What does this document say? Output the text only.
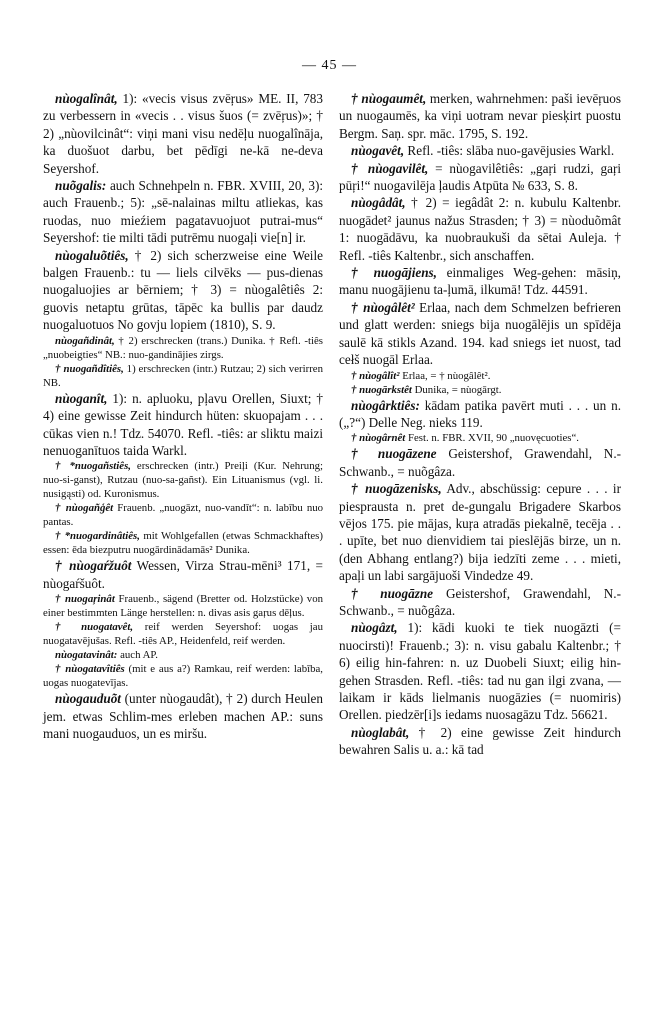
— 45 —

nùogalînât, 1): «vecis visus zvēŗus» ME. II, 783 zu verbessern in «vecis . . visus šuos (= zvēŗus)»; † 2) „nùovilcinât“: viņi mani visu nedēļu nuogalînāja, ka duošuot darbu, bet pēdīgi ne-kā ne-deva Seyershof.

nuõgalis: auch Schnehpeln n. FBR. XVIII, 20, 3): auch Frauenb.; 5): „sē-nalainas miltu atliekas, kas ruodas, nuo mieźiem pagatavuojuot putrai-mus“ Seyershof: tie milti tādi putrēmu nuogaļi vie[n] ir.

nùogaluõtiês, † 2) sich scherzweise eine Weile balgen Frauenb.: tu — liels cilvēks — pus-dienas nuogaluojies ar bērniem; † 3) = nùogalêtiês 2: guovis netaptu grūtas, tāpēc ka bullis par daudz nuogaluotuos No govju lopiem (1810), S. 9.

nùogañdinât, † 2) erschrecken (trans.) Dunika. † Refl. -tiês „nuobeigties“ NB.: nuo-gandinājies zirgs.

† nuogañdîtiês, 1) erschrecken (intr.) Rutzau; 2) sich verirren NB.

nùoganît, 1): n. apluoku, pļavu Orellen, Siuxt; † 4) eine gewisse Zeit hindurch hüten: skuopajam . . . cūkas vien n.! Tdz. 54070. Refl. -tiês: ar sliktu maizi nenuoganītuos taida Warkl.

† *nuogañstiês, erschrecken (intr.) Preiļi (Kur. Nehrung; nuo-si-ganst), Rutzau (nuo-sa-gañst). Ein Lituanismus (vgl. li. nusigąsti) od. Kuronismus.

† nùogañģêt Frauenb. „nuogāzt, nuo-vandīt“: n. labību nuo pantas.

† *nuogardinâtiês, mit Wohlgefallen (etwas Schmackhaftes) essen: ēda biezputru nuogārdinādamās² Dunika.

† nùogaŕžuôt Wessen, Virza Strau-mēni³ 171, = nùogaŕšuôt.

† nuogaŗinât Frauenb., sägend (Bretter od. Holzstücke) von einer bestimmten Länge herstellen: n. divas asis gaŗus dēļus.

† nuogatavêt, reif werden Seyershof: uogas jau nuogatavējušas. Refl. -tiês AP., Heidenfeld, reif werden.

nùogatavinât: auch AP.

† nùogatavîtiês (mit e aus a?) Ramkau, reif werden: labība, uogas nuogatevījas.

nùogauduõt (unter nùogaudât), † 2) durch Heulen jem. etwas Schlim-mes erleben machen AP.: suns mani nuogauduos, un es miršu.

† nùogaumêt, merken, wahrnehmen: paši ievēŗuos un nuogaumēs, ka viņi uotram nevar piesķirt puostu Bergm. Saņ. spr. māc. 1795, S. 192.

nùogavêt, Refl. -tiês: slāba nuo-gavējusies Warkl.

† nùogavilêt, = nùogavilêtiês: „gaŗi rudzi, gaŗi pūŗi!“ nuogavilēja ļaudis Atpūta № 633, S. 8.

nùogâdât, † 2) = iegâdât 2: n. kubulu Kaltenbr. nuogādet² jaunus nažus Strasden; † 3) = nùoduõmât 1: nuogādāvu, ka nuobraukuši da sētai Auleja. † Refl. -tiês Kaltenbr., sich anschaffen.

† nuogājiens, einmaliges Weg-gehen: māsiņ, manu nuogājienu ta-ļumā, ilkumā! Tdz. 44591.

† nùogâlêt² Erlaa, nach dem Schmelzen befrieren und glatt werden: sniegs bija nuogālējis un spīdēja saulē kā stikls Azand. 194. kad sniegs iet nuost, tad cełš nuogāl Erlaa.

† nùogâlît² Erlaa, = † nùogâlêt².

† nuogārkstêt Dunika, = nùogārgt.

nùogârktiês: kādam patika pavērt muti . . . un n. („?“) Delle Neg. nieks 119.

† nùogârnêt Fest. n. FBR. XVII, 90 „nuovęcuoties“.

† nuogāzene Geistershof, Grawendahl, N.-Schwanb., = nuõgâza.

† nuogāzenisks, Adv., abschüssig: cepure . . . ir piesprausta n. pret de-gungalu Brigadere Skarbos vējos 175. pie mājas, kuŗa atradās piekalnē, tecēja . . . upīte, bet nuo dienvidiem tai pieslējās birze, un n. (den Abhang entlang?) bija iedzīti zeme . . . mieti, apaļi un labi sargājuoši Vindedze 49.

† nuogāzne Geistershof, Grawendahl, N.-Schwanb., = nuõgâza.

nùogâzt, 1): kādi kuoki te tiek nuogāzti (= nuocirsti)! Frauenb.; 3): n. visu gabalu Kaltenbr.; † 6) eilig hin-fahren: n. uz Duobeli Siuxt; eilig hin-gehen Strasden. Refl. -tiês: tad nu gan ilgi zvana, — laikam ir kāds lielmanis nuogāzies (= nuomiris) Orellen. piedzēr[i]s iedams nuosagāzu Tdz. 56621.

nùoglabât, † 2) eine gewisse Zeit hindurch bewahren Salis u. a.: kā tad
